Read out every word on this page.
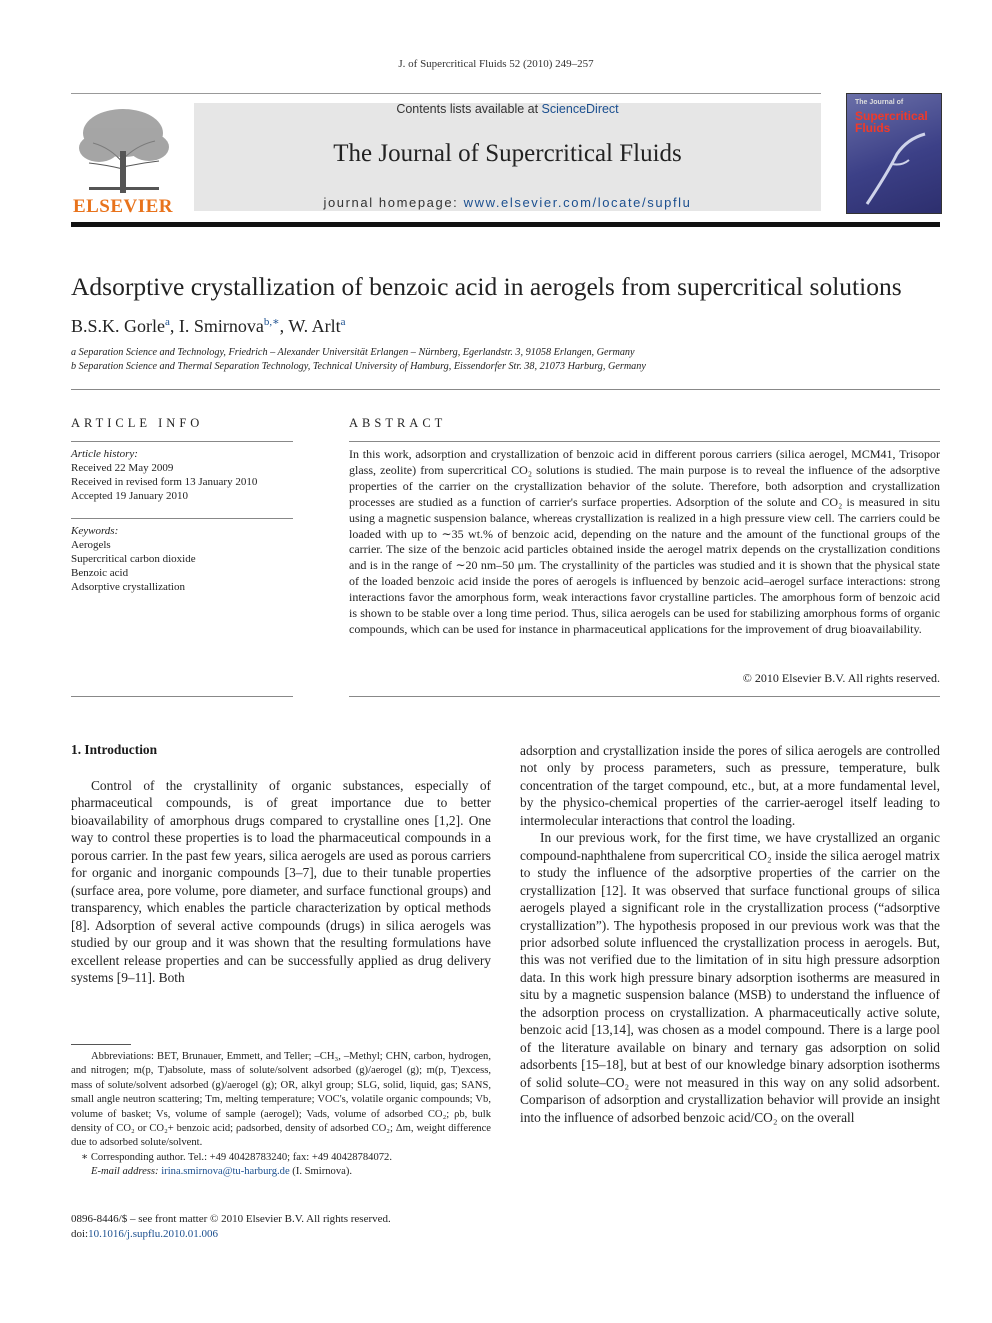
J. of Supercritical Fluids 52 (2010) 249–257
ELSEVIER
Contents lists available at ScienceDirect
The Journal of Supercritical Fluids
journal homepage: www.elsevier.com/locate/supflu
The Journal of
Supercritical Fluids
Adsorptive crystallization of benzoic acid in aerogels from supercritical solutions
B.S.K. Gorle$^a$, I. Smirnova$^{b,∗}$, W. Arlt$^a$
a Separation Science and Technology, Friedrich – Alexander Universität Erlangen – Nürnberg, Egerlandstr. 3, 91058 Erlangen, Germany
b Separation Science and Thermal Separation Technology, Technical University of Hamburg, Eissendorfer Str. 38, 21073 Harburg, Germany
ARTICLE INFO
Article history:
Received 22 May 2009
Received in revised form 13 January 2010
Accepted 19 January 2010
Keywords:
Aerogels
Supercritical carbon dioxide
Benzoic acid
Adsorptive crystallization
ABSTRACT
In this work, adsorption and crystallization of benzoic acid in different porous carriers (silica aerogel, MCM41, Trisopor glass, zeolite) from supercritical CO₂ solutions is studied. The main purpose is to reveal the influence of the adsorptive properties of the carrier on the crystallization behavior of the solute. Therefore, both adsorption and crystallization processes are studied as a function of carrier's surface properties. Adsorption of the solute and CO₂ is measured in situ using a magnetic suspension balance, whereas crystallization is realized in a high pressure view cell. The carriers could be loaded with up to ∼35 wt.% of benzoic acid, depending on the nature and the amount of the functional groups of the carrier. The size of the benzoic acid particles obtained inside the aerogel matrix depends on the crystallization conditions and is in the range of ∼20 nm–50 μm. The crystallinity of the particles was studied and it is shown that the physical state of the loaded benzoic acid inside the pores of aerogels is influenced by benzoic acid–aerogel surface interactions: strong interactions favor the amorphous form, weak interactions favor crystalline particles. The amorphous form of benzoic acid is shown to be stable over a long time period. Thus, silica aerogels can be used for stabilizing amorphous forms of organic compounds, which can be used for instance in pharmaceutical applications for the improvement of drug bioavailability.
© 2010 Elsevier B.V. All rights reserved.
1. Introduction

Control of the crystallinity of organic substances, especially of pharmaceutical compounds, is of great importance due to better bioavailability of amorphous drugs compared to crystalline ones [1,2]. One way to control these properties is to load the pharmaceutical compounds in a porous carrier. In the past few years, silica aerogels are used as porous carriers for organic and inorganic compounds [3–7], due to their tunable properties (surface area, pore volume, pore diameter, and surface functional groups) and transparency, which enables the particle characterization by optical methods [8]. Adsorption of several active compounds (drugs) in silica aerogels was studied by our group and it was shown that the resulting formulations have excellent release properties and can be successfully applied as drug delivery systems [9–11]. Both

adsorption and crystallization inside the pores of silica aerogels are controlled not only by process parameters, such as pressure, temperature, bulk concentration of the target compound, etc., but, at a more fundamental level, by the physico-chemical properties of the carrier-aerogel itself leading to intermolecular interactions that control the loading.

In our previous work, for the first time, we have crystallized an organic compound-naphthalene from supercritical CO₂ inside the silica aerogel matrix to study the influence of the adsorptive properties of the carrier on the crystallization [12]. It was observed that surface functional groups of silica aerogels played a significant role in the crystallization process (“adsorptive crystallization”). The hypothesis proposed in our previous work was that the prior adsorbed solute influenced the crystallization process in aerogels. But, this was not verified due to the limitation of in situ high pressure adsorption data. In this work high pressure binary adsorption isotherms are measured in situ by a magnetic suspension balance (MSB) to understand the influence of the adsorption process on crystallization. A pharmaceutically active solute, benzoic acid [13,14], was chosen as a model compound. There is a large pool of the literature available on binary and ternary gas adsorption on solid adsorbents [15–18], but at best of our knowledge binary adsorption isotherms of solid solute–CO₂ were not measured in this way on any solid adsorbent. Comparison of adsorption and crystallization behavior will provide an insight into the influence of adsorbed benzoic acid/CO₂ on the overall

Abbreviations: BET, Brunauer, Emmett, and Teller; –CH₃, –Methyl; CHN, carbon, hydrogen, and nitrogen; m(p, T)absolute, mass of solute/solvent adsorbed (g)/aerogel (g); m(p, T)excess, mass of solute/solvent adsorbed (g)/aerogel (g); OR, alkyl group; SLG, solid, liquid, gas; SANS, small angle neutron scattering; Tm, melting temperature; VOC's, volatile organic compounds; Vb, volume of basket; Vs, volume of sample (aerogel); Vads, volume of adsorbed CO₂; ρb, bulk density of CO₂ or CO₂+ benzoic acid; ρadsorbed, density of adsorbed CO₂; Δm, weight difference due to adsorbed solute/solvent.
∗ Corresponding author. Tel.: +49 40428783240; fax: +49 40428784072.
E-mail address: irina.smirnova@tu-harburg.de (I. Smirnova).
0896-8446/$ – see front matter © 2010 Elsevier B.V. All rights reserved.
doi:10.1016/j.supflu.2010.01.006
